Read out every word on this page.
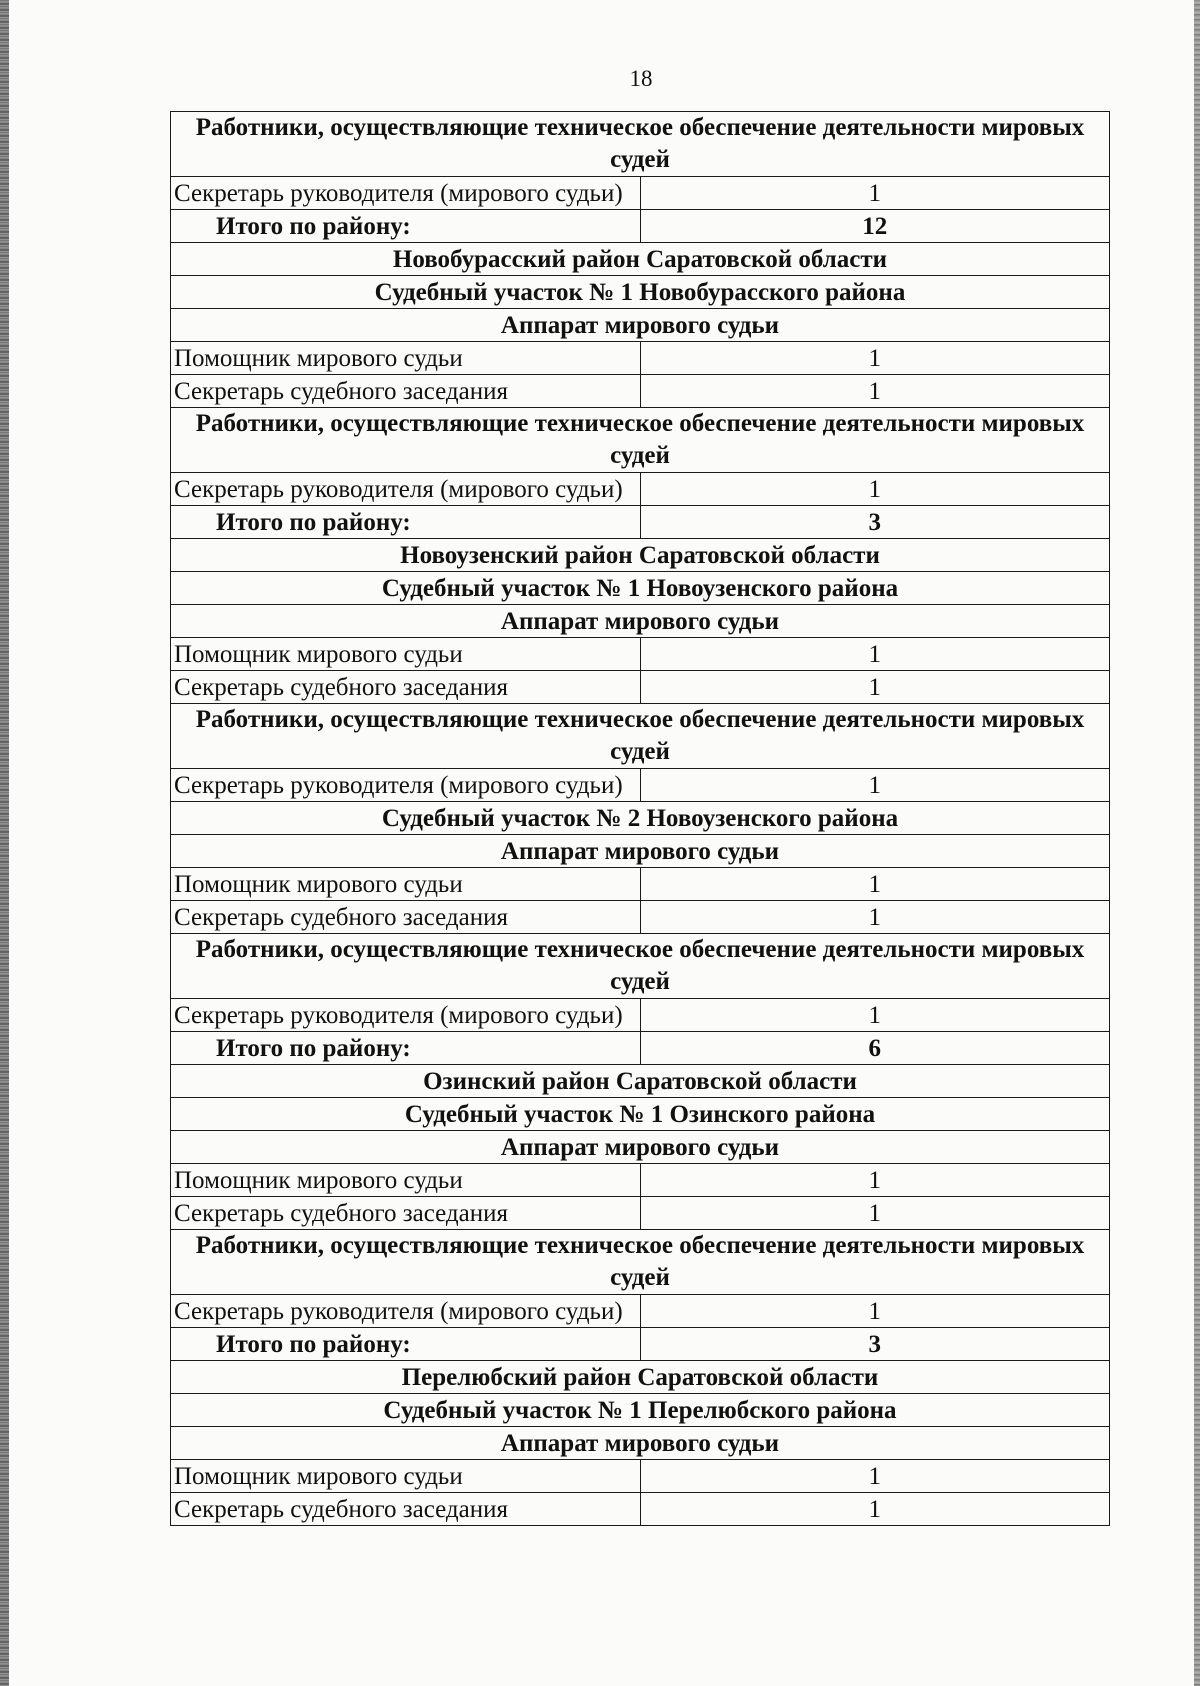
18
Работники, осуществляющие техническое обеспечение деятельности мировых судей	
Секретарь руководителя (мирового судьи)	1
Итого по району:	12
Новобурасский район Саратовской области	
Судебный участок № 1 Новобурасского района	
Аппарат мирового судьи	
Помощник мирового судьи	1
Секретарь судебного заседания	1
Работники, осуществляющие техническое обеспечение деятельности мировых судей	
Секретарь руководителя (мирового судьи)	1
Итого по району:	3
Новоузенский район Саратовской области	
Судебный участок № 1 Новоузенского района	
Аппарат мирового судьи	
Помощник мирового судьи	1
Секретарь судебного заседания	1
Работники, осуществляющие техническое обеспечение деятельности мировых судей	
Секретарь руководителя (мирового судьи)	1
Судебный участок № 2 Новоузенского района	
Аппарат мирового судьи	
Помощник мирового судьи	1
Секретарь судебного заседания	1
Работники, осуществляющие техническое обеспечение деятельности мировых судей	
Секретарь руководителя (мирового судьи)	1
Итого по району:	6
Озинский район Саратовской области	
Судебный участок № 1 Озинского района	
Аппарат мирового судьи	
Помощник мирового судьи	1
Секретарь судебного заседания	1
Работники, осуществляющие техническое обеспечение деятельности мировых судей	
Секретарь руководителя (мирового судьи)	1
Итого по району:	3
Перелюбский район Саратовской области	
Судебный участок № 1 Перелюбского района	
Аппарат мирового судьи	
Помощник мирового судьи	1
Секретарь судебного заседания	1
